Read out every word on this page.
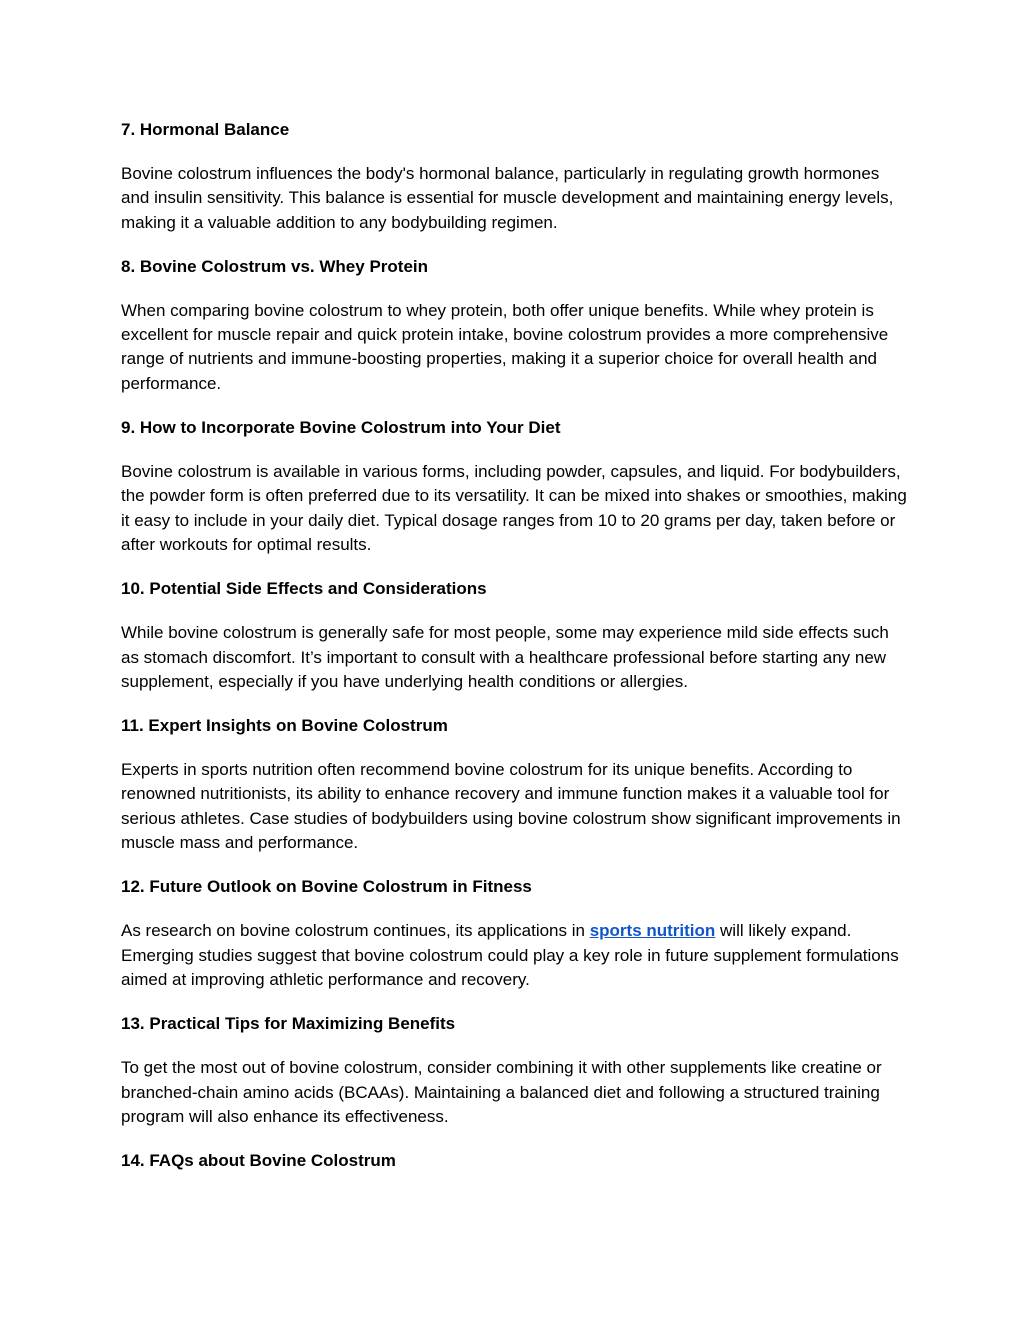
7. Hormonal Balance

Bovine colostrum influences the body's hormonal balance, particularly in regulating growth hormones and insulin sensitivity. This balance is essential for muscle development and maintaining energy levels, making it a valuable addition to any bodybuilding regimen.

8. Bovine Colostrum vs. Whey Protein

When comparing bovine colostrum to whey protein, both offer unique benefits. While whey protein is excellent for muscle repair and quick protein intake, bovine colostrum provides a more comprehensive range of nutrients and immune-boosting properties, making it a superior choice for overall health and performance.

9. How to Incorporate Bovine Colostrum into Your Diet

Bovine colostrum is available in various forms, including powder, capsules, and liquid. For bodybuilders, the powder form is often preferred due to its versatility. It can be mixed into shakes or smoothies, making it easy to include in your daily diet. Typical dosage ranges from 10 to 20 grams per day, taken before or after workouts for optimal results.

10. Potential Side Effects and Considerations

While bovine colostrum is generally safe for most people, some may experience mild side effects such as stomach discomfort. It’s important to consult with a healthcare professional before starting any new supplement, especially if you have underlying health conditions or allergies.

11. Expert Insights on Bovine Colostrum

Experts in sports nutrition often recommend bovine colostrum for its unique benefits. According to renowned nutritionists, its ability to enhance recovery and immune function makes it a valuable tool for serious athletes. Case studies of bodybuilders using bovine colostrum show significant improvements in muscle mass and performance.

12. Future Outlook on Bovine Colostrum in Fitness

As research on bovine colostrum continues, its applications in sports nutrition will likely expand. Emerging studies suggest that bovine colostrum could play a key role in future supplement formulations aimed at improving athletic performance and recovery.

13. Practical Tips for Maximizing Benefits

To get the most out of bovine colostrum, consider combining it with other supplements like creatine or branched-chain amino acids (BCAAs). Maintaining a balanced diet and following a structured training program will also enhance its effectiveness.

14. FAQs about Bovine Colostrum
